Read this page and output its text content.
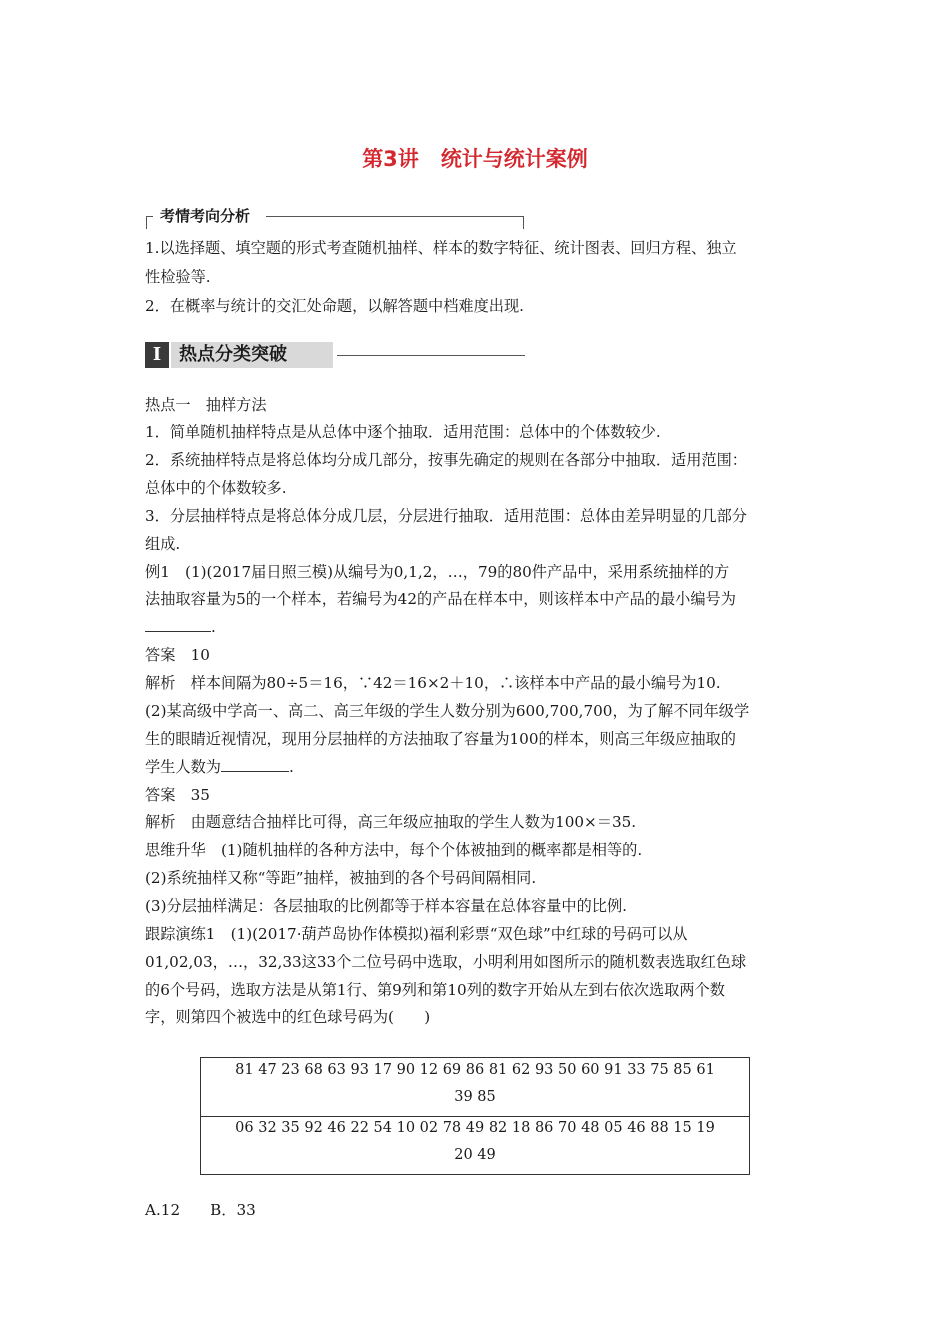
第3讲 统计与统计案例
考情考向分析
1.以选择题、填空题的形式考查随机抽样、样本的数字特征、统计图表、回归方程、独立
性检验等.
2．在概率与统计的交汇处命题，以解答题中档难度出现.
I 热点分类突破
热点一　抽样方法
1．简单随机抽样特点是从总体中逐个抽取．适用范围：总体中的个体数较少.
2．系统抽样特点是将总体均分成几部分，按事先确定的规则在各部分中抽取．适用范围：
总体中的个体数较多.
3．分层抽样特点是将总体分成几层，分层进行抽取．适用范围：总体由差异明显的几部分
组成.
例1　(1)(2017届日照三模)从编号为0,1,2，…，79的80件产品中，采用系统抽样的方
法抽取容量为5的一个样本，若编号为42的产品在样本中，则该样本中产品的最小编号为
.
答案　10
解析　样本间隔为80÷5＝16，∵42＝16×2＋10，∴该样本中产品的最小编号为10.
(2)某高级中学高一、高二、高三年级的学生人数分别为600,700,700，为了解不同年级学
生的眼睛近视情况，现用分层抽样的方法抽取了容量为100的样本，则高三年级应抽取的
学生人数为	.
答案　35
解析　由题意结合抽样比可得，高三年级应抽取的学生人数为100×＝35.
思维升华　(1)随机抽样的各种方法中，每个个体被抽到的概率都是相等的.
(2)系统抽样又称“等距”抽样，被抽到的各个号码间隔相同.
(3)分层抽样满足：各层抽取的比例都等于样本容量在总体容量中的比例.
跟踪演练1　(1)(2017·葫芦岛协作体模拟)福利彩票“双色球”中红球的号码可以从
01,02,03，…，32,33这33个二位号码中选取，小明利用如图所示的随机数表选取红色球
的6个号码，选取方法是从第1行、第9列和第10列的数字开始从左到右依次选取两个数
字，则第四个被选中的红色球号码为(　　)
81 47 23 68 63 93 17 90 12 69 86 81 62 93 50 60 91 33 75 85 61
39 85
06 32 35 92 46 22 54 10 02 78 49 82 18 86 70 48 05 46 88 15 19
20 49
A.12 B．33
